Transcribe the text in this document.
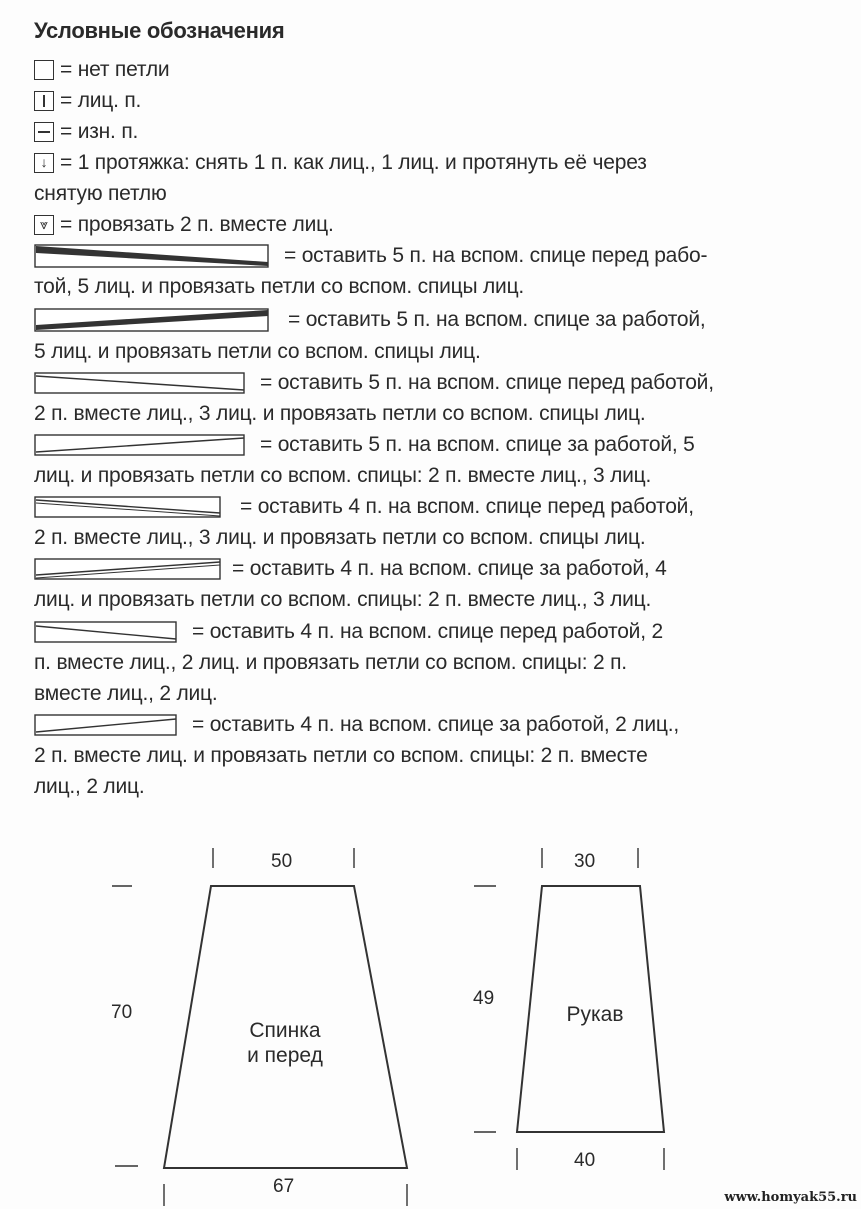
Условные обозначения
= нет петли
= лиц. п.
= изн. п.
↓ = 1 протяжка: снять 1 п. как лиц., 1 лиц. и протянуть её через
снятую петлю
⩔ = провязать 2 п. вместе лиц.
= оставить 5 п. на вспом. спице перед рабо-
той, 5 лиц. и провязать петли со вспом. спицы лиц.
= оставить 5 п. на вспом. спице за работой,
5 лиц. и провязать петли со вспом. спицы лиц.
= оставить 5 п. на вспом. спице перед работой,
2 п. вместе лиц., 3 лиц. и провязать петли со вспом. спицы лиц.
= оставить 5 п. на вспом. спице за работой, 5
лиц. и провязать петли со вспом. спицы: 2 п. вместе лиц., 3 лиц.
= оставить 4 п. на вспом. спице перед работой,
2 п. вместе лиц., 3 лиц. и провязать петли со вспом. спицы лиц.
= оставить 4 п. на вспом. спице за работой, 4
лиц. и провязать петли со вспом. спицы: 2 п. вместе лиц., 3 лиц.
= оставить 4 п. на вспом. спице перед работой, 2
п. вместе лиц., 2 лиц. и провязать петли со вспом. спицы: 2 п.
вместе лиц., 2 лиц.
= оставить 4 п. на вспом. спице за работой, 2 лиц.,
2 п. вместе лиц. и провязать петли со вспом. спицы: 2 п. вместе
лиц., 2 лиц.
50
70
67
Спинка
и перед
30
49
40
Рукав
www.homyak55.ru
